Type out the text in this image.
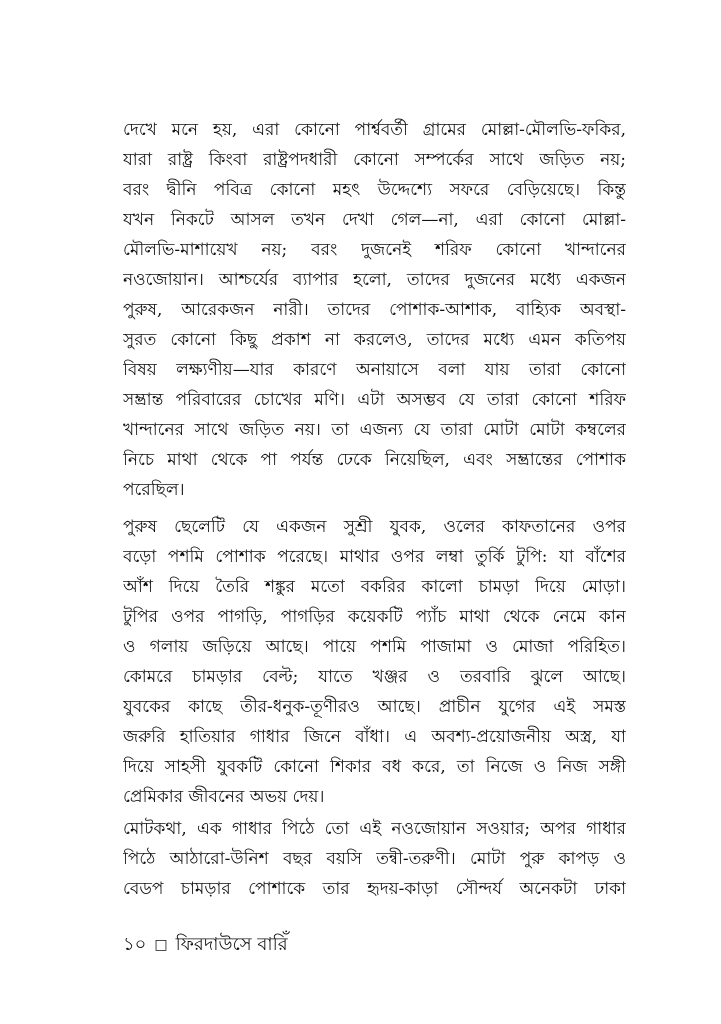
দেখে মনে হয়, এরা কোনো পার্শ্ববর্তী গ্রামের মোল্লা-মৌলভি-ফকির,
যারা রাষ্ট্র কিংবা রাষ্ট্রপদধারী কোনো সম্পর্কের সাথে জড়িত নয়;
বরং দ্বীনি পবিত্র কোনো মহৎ উদ্দেশ্যে সফরে বেড়িয়েছে। কিন্তু
যখন নিকটে আসল তখন দেখা গেল—না, এরা কোনো মোল্লা-
মৌলভি-মাশায়েখ নয়; বরং দুজনেই শরিফ কোনো খান্দানের
নওজোয়ান। আশ্চর্যের ব্যাপার হলো, তাদের দুজনের মধ্যে একজন
পুরুষ, আরেকজন নারী। তাদের পোশাক-আশাক, বাহ্যিক অবস্থা-
সুরত কোনো কিছু প্রকাশ না করলেও, তাদের মধ্যে এমন কতিপয়
বিষয় লক্ষ্যণীয়—যার কারণে অনায়াসে বলা যায় তারা কোনো
সম্ভ্রান্ত পরিবারের চোখের মণি। এটা অসম্ভব যে তারা কোনো শরিফ
খান্দানের সাথে জড়িত নয়। তা এজন্য যে তারা মোটা মোটা কম্বলের
নিচে মাথা থেকে পা পর্যন্ত ঢেকে নিয়েছিল, এবং সম্ভ্রান্তের পোশাক
পরেছিল।
পুরুষ ছেলেটি যে একজন সুশ্রী যুবক, ওলের কাফতানের ওপর
বড়ো পশমি পোশাক পরেছে। মাথার ওপর লম্বা তুর্কি টুপি: যা বাঁশের
আঁশ দিয়ে তৈরি শঙ্কুর মতো বকরির কালো চামড়া দিয়ে মোড়া।
টুপির ওপর পাগড়ি, পাগড়ির কয়েকটি প্যাঁচ মাথা থেকে নেমে কান
ও গলায় জড়িয়ে আছে। পায়ে পশমি পাজামা ও মোজা পরিহিত।
কোমরে চামড়ার বেল্ট; যাতে খঞ্জর ও তরবারি ঝুলে আছে।
যুবকের কাছে তীর-ধনুক-তূণীরও আছে। প্রাচীন যুগের এই সমস্ত
জরুরি হাতিয়ার গাধার জিনে বাঁধা। এ অবশ্য-প্রয়োজনীয় অস্ত্র, যা
দিয়ে সাহসী যুবকটি কোনো শিকার বধ করে, তা নিজে ও নিজ সঙ্গী
প্রেমিকার জীবনের অভয় দেয়।
মোটকথা, এক গাধার পিঠে তো এই নওজোয়ান সওয়ার; অপর গাধার
পিঠে আঠারো-উনিশ বছর বয়সি তন্বী-তরুণী। মোটা পুরু কাপড় ও
বেডপ চামড়ার পোশাকে তার হৃদয়-কাড়া সৌন্দর্য অনেকটা ঢাকা
১০ □ ফিরদাউসে বারিঁ
